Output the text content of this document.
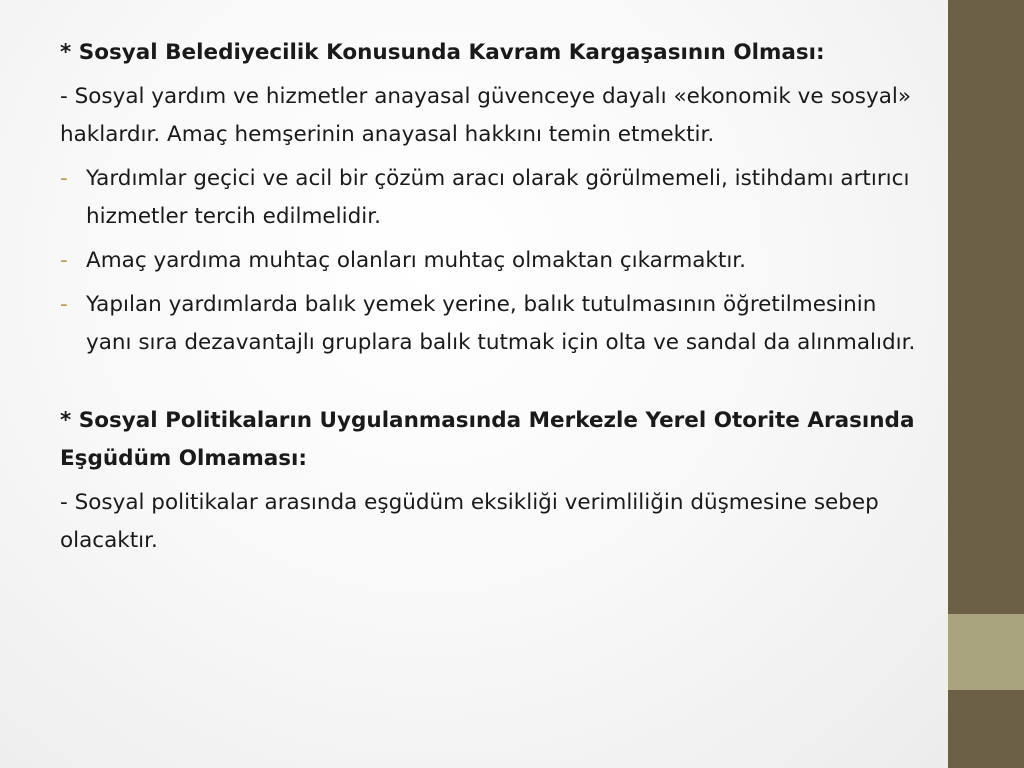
* Sosyal Belediyecilik Konusunda Kavram Kargaşasının Olması:

- Sosyal yardım ve hizmetler anayasal güvenceye dayalı «ekonomik ve sosyal» haklardır. Amaç hemşerinin anayasal hakkını temin etmektir.

- Yardımlar geçici ve acil bir çözüm aracı olarak görülmemeli, istihdamı artırıcı hizmetler tercih edilmelidir.
- Amaç yardıma muhtaç olanları muhtaç olmaktan çıkarmaktır.
- Yapılan yardımlarda balık yemek yerine, balık tutulmasının öğretilmesinin yanı sıra dezavantajlı gruplara balık tutmak için olta ve sandal da alınmalıdır.

* Sosyal Politikaların Uygulanmasında Merkezle Yerel Otorite Arasında Eşgüdüm Olmaması:

- Sosyal politikalar arasında eşgüdüm eksikliği verimliliğin düşmesine sebep olacaktır.
